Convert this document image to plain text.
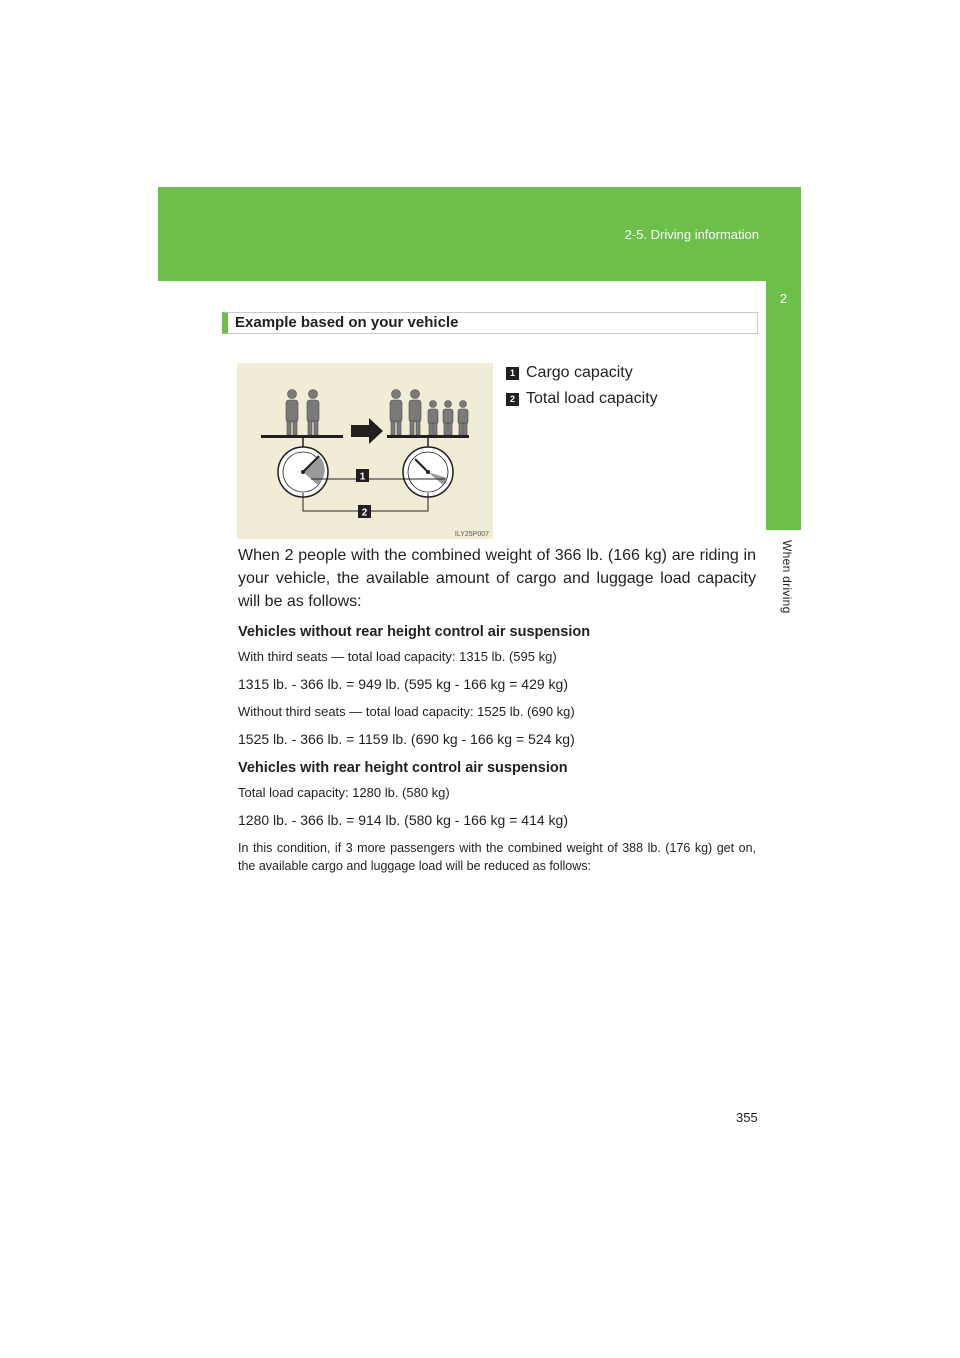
2-5. Driving information
2
When driving
Example based on your vehicle
1
2
ILY25P007
1 Cargo capacity
2 Total load capacity

When 2 people with the combined weight of 366 lb. (166 kg) are riding in your vehicle, the available amount of cargo and luggage load capacity will be as follows:

Vehicles without rear height control air suspension

With third seats — total load capacity: 1315 lb. (595 kg)

1315 lb. - 366 lb. = 949 lb. (595 kg - 166 kg = 429 kg)

Without third seats — total load capacity: 1525 lb. (690 kg)

1525 lb. - 366 lb. = 1159 lb. (690 kg - 166 kg = 524 kg)

Vehicles with rear height control air suspension

Total load capacity: 1280 lb. (580 kg)

1280 lb. - 366 lb. = 914 lb. (580 kg - 166 kg = 414 kg)

In this condition, if 3 more passengers with the combined weight of 388 lb. (176 kg) get on, the available cargo and luggage load will be reduced as follows:

355
